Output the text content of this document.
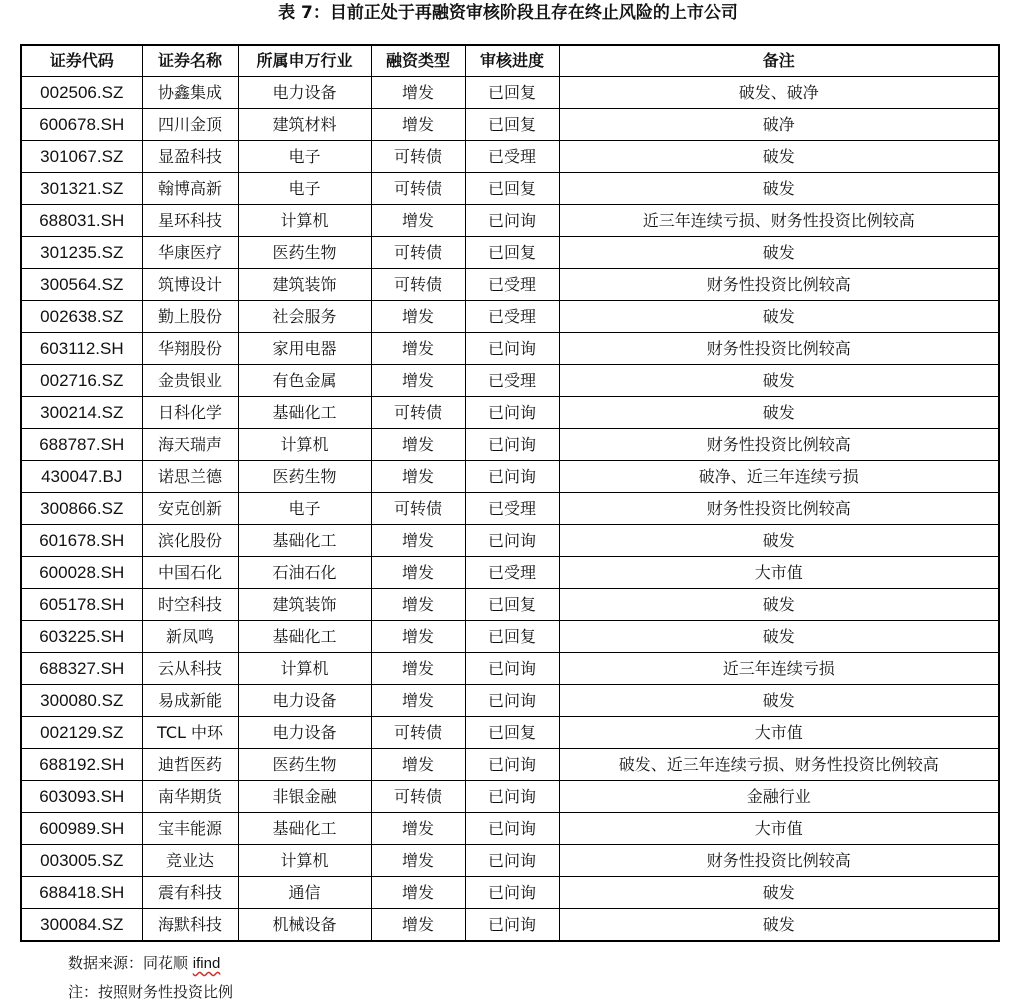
表 7：目前正处于再融资审核阶段且存在终止风险的上市公司
证券代码	证券名称	所属申万行业	融资类型	审核进度	备注
002506.SZ	协鑫集成	电力设备	增发	已回复	破发、破净
600678.SH	四川金顶	建筑材料	增发	已回复	破净
301067.SZ	显盈科技	电子	可转债	已受理	破发
301321.SZ	翰博高新	电子	可转债	已回复	破发
688031.SH	星环科技	计算机	增发	已问询	近三年连续亏损、财务性投资比例较高
301235.SZ	华康医疗	医药生物	可转债	已回复	破发
300564.SZ	筑博设计	建筑装饰	可转债	已受理	财务性投资比例较高
002638.SZ	勤上股份	社会服务	增发	已受理	破发
603112.SH	华翔股份	家用电器	增发	已问询	财务性投资比例较高
002716.SZ	金贵银业	有色金属	增发	已受理	破发
300214.SZ	日科化学	基础化工	可转债	已问询	破发
688787.SH	海天瑞声	计算机	增发	已问询	财务性投资比例较高
430047.BJ	诺思兰德	医药生物	增发	已问询	破净、近三年连续亏损
300866.SZ	安克创新	电子	可转债	已受理	财务性投资比例较高
601678.SH	滨化股份	基础化工	增发	已问询	破发
600028.SH	中国石化	石油石化	增发	已受理	大市值
605178.SH	时空科技	建筑装饰	增发	已回复	破发
603225.SH	新凤鸣	基础化工	增发	已回复	破发
688327.SH	云从科技	计算机	增发	已问询	近三年连续亏损
300080.SZ	易成新能	电力设备	增发	已问询	破发
002129.SZ	TCL 中环	电力设备	可转债	已回复	大市值
688192.SH	迪哲医药	医药生物	增发	已问询	破发、近三年连续亏损、财务性投资比例较高
603093.SH	南华期货	非银金融	可转债	已问询	金融行业
600989.SH	宝丰能源	基础化工	增发	已问询	大市值
003005.SZ	竞业达	计算机	增发	已问询	财务性投资比例较高
688418.SH	震有科技	通信	增发	已问询	破发
300084.SZ	海默科技	机械设备	增发	已问询	破发
数据来源：同花顺 ifind
注：按照财务性投资比例
